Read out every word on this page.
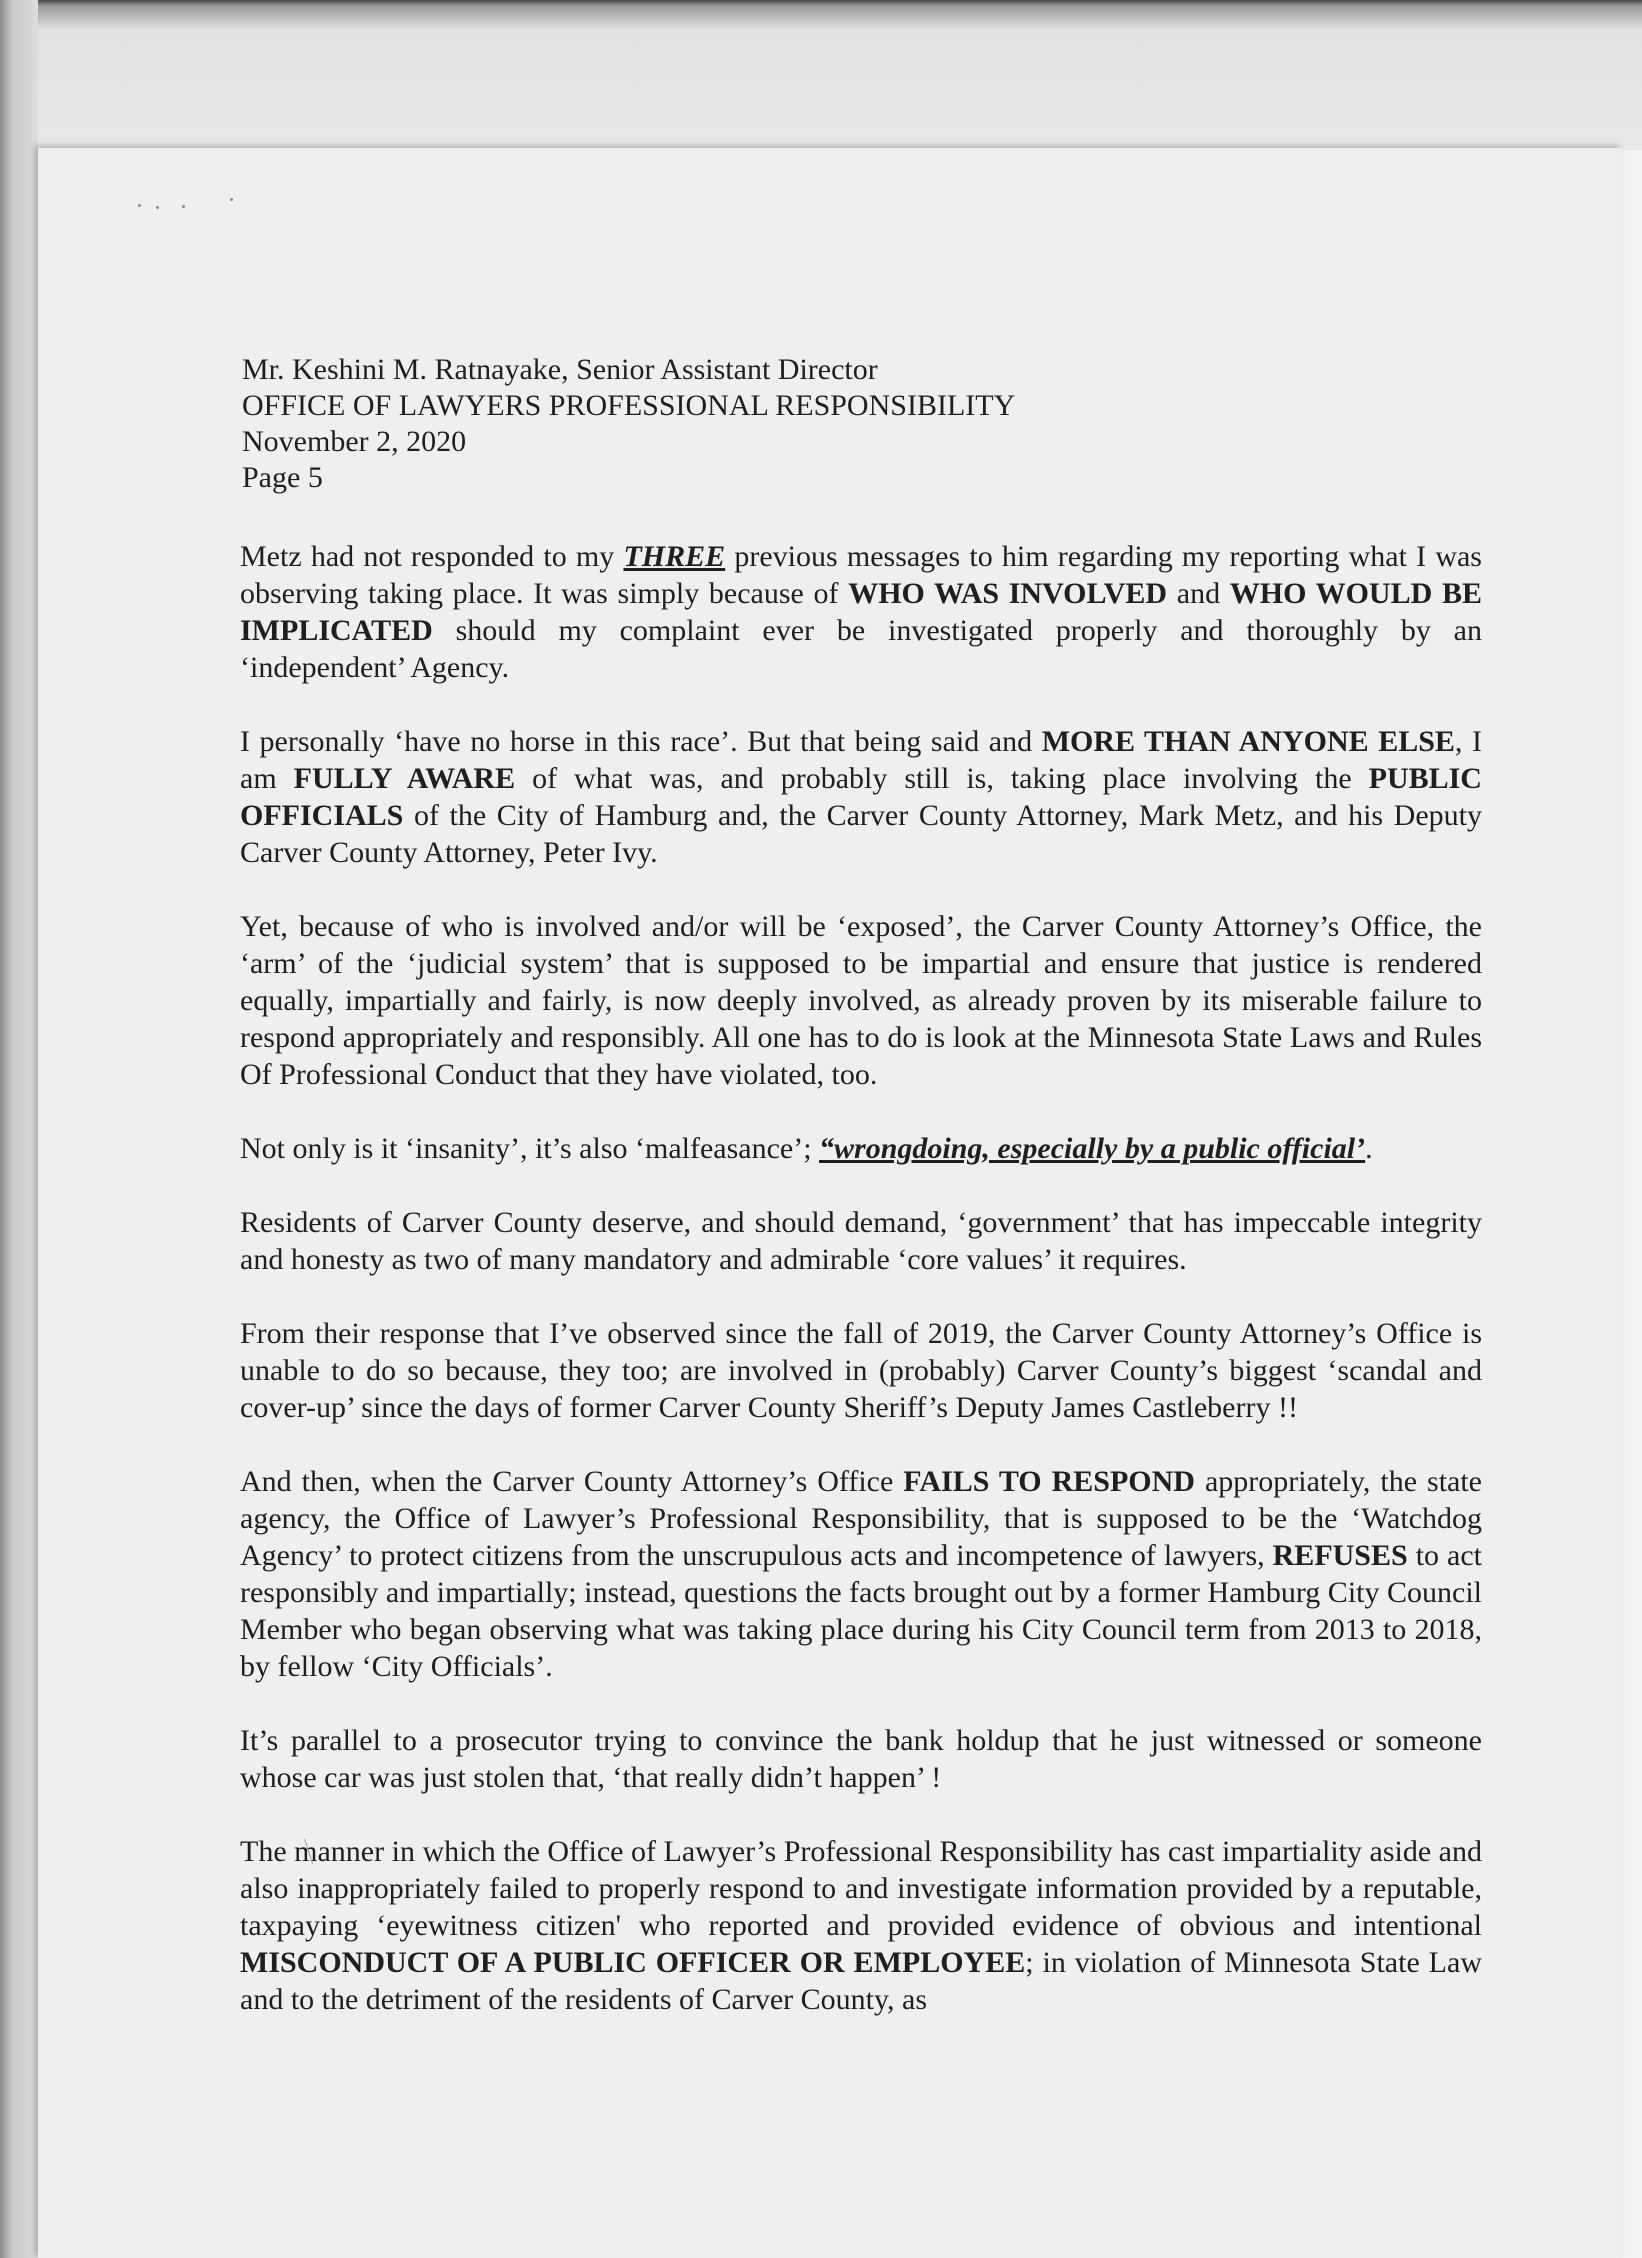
Mr. Keshini M. Ratnayake, Senior Assistant Director
OFFICE OF LAWYERS PROFESSIONAL RESPONSIBILITY
November 2, 2020
Page 5

Metz had not responded to my THREE previous messages to him regarding my reporting what I was observing taking place. It was simply because of WHO WAS INVOLVED and WHO WOULD BE IMPLICATED should my complaint ever be investigated properly and thoroughly by an ‘independent’ Agency.

I personally ‘have no horse in this race’. But that being said and MORE THAN ANYONE ELSE, I am FULLY AWARE of what was, and probably still is, taking place involving the PUBLIC OFFICIALS of the City of Hamburg and, the Carver County Attorney, Mark Metz, and his Deputy Carver County Attorney, Peter Ivy.

Yet, because of who is involved and/or will be ‘exposed’, the Carver County Attorney’s Office, the ‘arm’ of the ‘judicial system’ that is supposed to be impartial and ensure that justice is rendered equally, impartially and fairly, is now deeply involved, as already proven by its miserable failure to respond appropriately and responsibly. All one has to do is look at the Minnesota State Laws and Rules Of Professional Conduct that they have violated, too.

Not only is it ‘insanity’, it’s also ‘malfeasance’; “wrongdoing, especially by a public official’.

Residents of Carver County deserve, and should demand, ‘government’ that has impeccable integrity and honesty as two of many mandatory and admirable ‘core values’ it requires.

From their response that I’ve observed since the fall of 2019, the Carver County Attorney’s Office is unable to do so because, they too; are involved in (probably) Carver County’s biggest ‘scandal and cover-up’ since the days of former Carver County Sheriff’s Deputy James Castleberry !!

And then, when the Carver County Attorney’s Office FAILS TO RESPOND appropriately, the state agency, the Office of Lawyer’s Professional Responsibility, that is supposed to be the ‘Watchdog Agency’ to protect citizens from the unscrupulous acts and incompetence of lawyers, REFUSES to act responsibly and impartially; instead, questions the facts brought out by a former Hamburg City Council Member who began observing what was taking place during his City Council term from 2013 to 2018, by fellow ‘City Officials’.

It’s parallel to a prosecutor trying to convince the bank holdup that he just witnessed or someone whose car was just stolen that, ‘that really didn’t happen’ !

The manner in which the Office of Lawyer’s Professional Responsibility has cast impartiality aside and also inappropriately failed to properly respond to and investigate information provided by a reputable, taxpaying ‘eyewitness citizen' who reported and provided evidence of obvious and intentional MISCONDUCT OF A PUBLIC OFFICER OR EMPLOYEE; in violation of Minnesota State Law and to the detriment of the residents of Carver County, as
